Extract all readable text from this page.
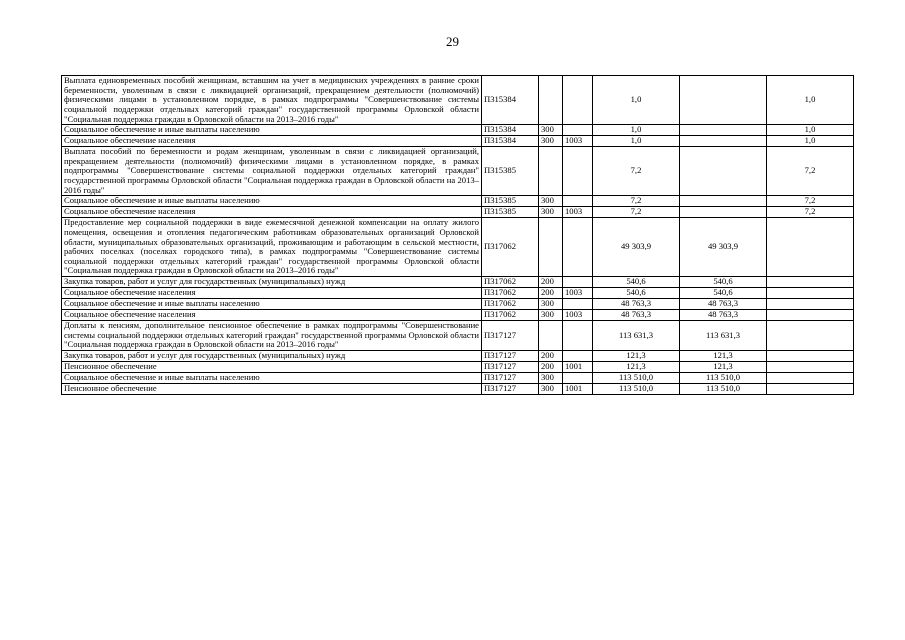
29
Выплата единовременных пособий женщинам, вставшим на учет в медицинских учреждениях в ранние сроки беременности, уволенным в связи с ликвидацией организаций, прекращением деятельности (полномочий) физическими лицами в установленном порядке, в рамках подпрограммы "Совершенствование системы социальной поддержки отдельных категорий граждан" государственной программы Орловской области "Социальная поддержка граждан в Орловской области на 2013–2016 годы"	П315384			1,0		1,0
Социальное обеспечение и иные выплаты населению	П315384	300		1,0		1,0
Социальное обеспечение населения	П315384	300	1003	1,0		1,0
Выплата пособий по беременности и родам женщинам, уволенным в связи с ликвидацией организаций, прекращением деятельности (полномочий) физическими лицами в установленном порядке, в рамках подпрограммы "Совершенствование системы социальной поддержки отдельных категорий граждан" государственной программы Орловской области "Социальная поддержка граждан в Орловской области на 2013–2016 годы"	П315385			7,2		7,2
Социальное обеспечение и иные выплаты населению	П315385	300		7,2		7,2
Социальное обеспечение населения	П315385	300	1003	7,2		7,2
Предоставление мер социальной поддержки в виде ежемесячной денежной компенсации на оплату жилого помещения, освещения и отопления педагогическим работникам образовательных организаций Орловской области, муниципальных образовательных организаций, проживающим и работающим в сельской местности, рабочих поселках (поселках городского типа), в рамках подпрограммы "Совершенствование системы социальной поддержки отдельных категорий граждан" государственной программы Орловской области "Социальная поддержка граждан в Орловской области на 2013–2016 годы"	П317062			49 303,9	49 303,9	
Закупка товаров, работ и услуг для государственных (муниципальных) нужд	П317062	200		540,6	540,6	
Социальное обеспечение населения	П317062	200	1003	540,6	540,6	
Социальное обеспечение и иные выплаты населению	П317062	300		48 763,3	48 763,3	
Социальное обеспечение населения	П317062	300	1003	48 763,3	48 763,3	
Доплаты к пенсиям, дополнительное пенсионное обеспечение в рамках подпрограммы "Совершенствование системы социальной поддержки отдельных категорий граждан" государственной программы Орловской области "Социальная поддержка граждан в Орловской области на 2013–2016 годы"	П317127			113 631,3	113 631,3	
Закупка товаров, работ и услуг для государственных (муниципальных) нужд	П317127	200		121,3	121,3	
Пенсионное обеспечение	П317127	200	1001	121,3	121,3	
Социальное обеспечение и иные выплаты населению	П317127	300		113 510,0	113 510,0	
Пенсионное обеспечение	П317127	300	1001	113 510,0	113 510,0	
